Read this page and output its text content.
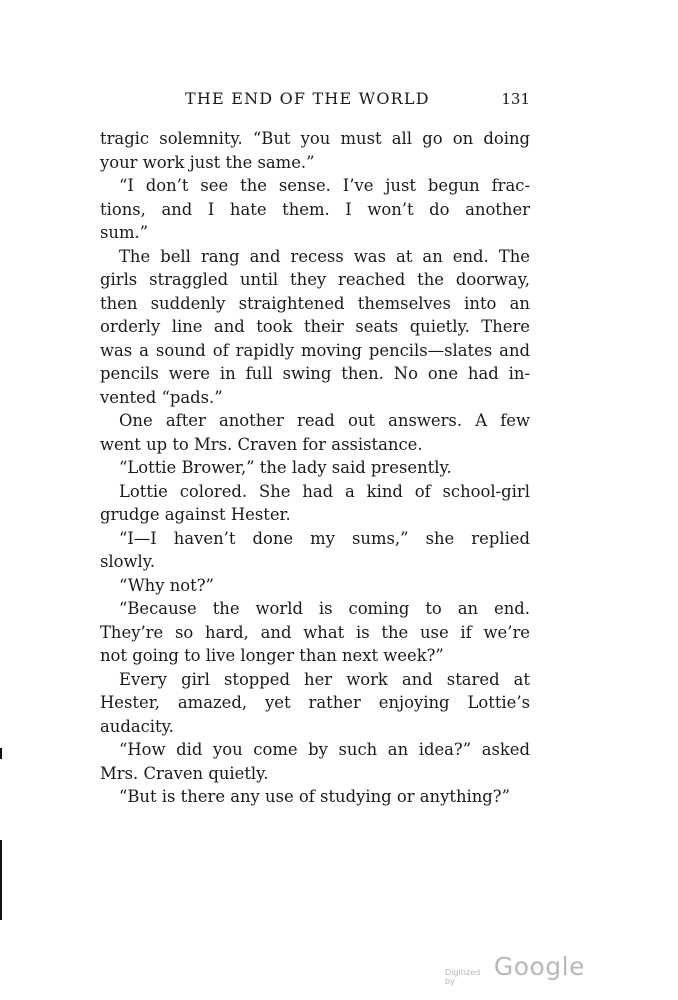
THE END OF THE WORLD	131
tragic solemnity. “But you must all go on doing
your work just the same.”
“I don’t see the sense. I’ve just begun frac-
tions, and I hate them. I won’t do another
sum.”
The bell rang and recess was at an end. The
girls straggled until they reached the doorway,
then suddenly straightened themselves into an
orderly line and took their seats quietly. There
was a sound of rapidly moving pencils—slates and
pencils were in full swing then. No one had in-
vented “pads.”
One after another read out answers. A few
went up to Mrs. Craven for assistance.
“Lottie Brower,” the lady said presently.
Lottie colored. She had a kind of school-girl
grudge against Hester.
“I—I haven’t done my sums,” she replied
slowly.
“Why not?”
“Because the world is coming to an end.
They’re so hard, and what is the use if we’re
not going to live longer than next week?”
Every girl stopped her work and stared at
Hester, amazed, yet rather enjoying Lottie’s
audacity.
“How did you come by such an idea?” asked
Mrs. Craven quietly.
“But is there any use of studying or anything?”
Digitized by
Google
